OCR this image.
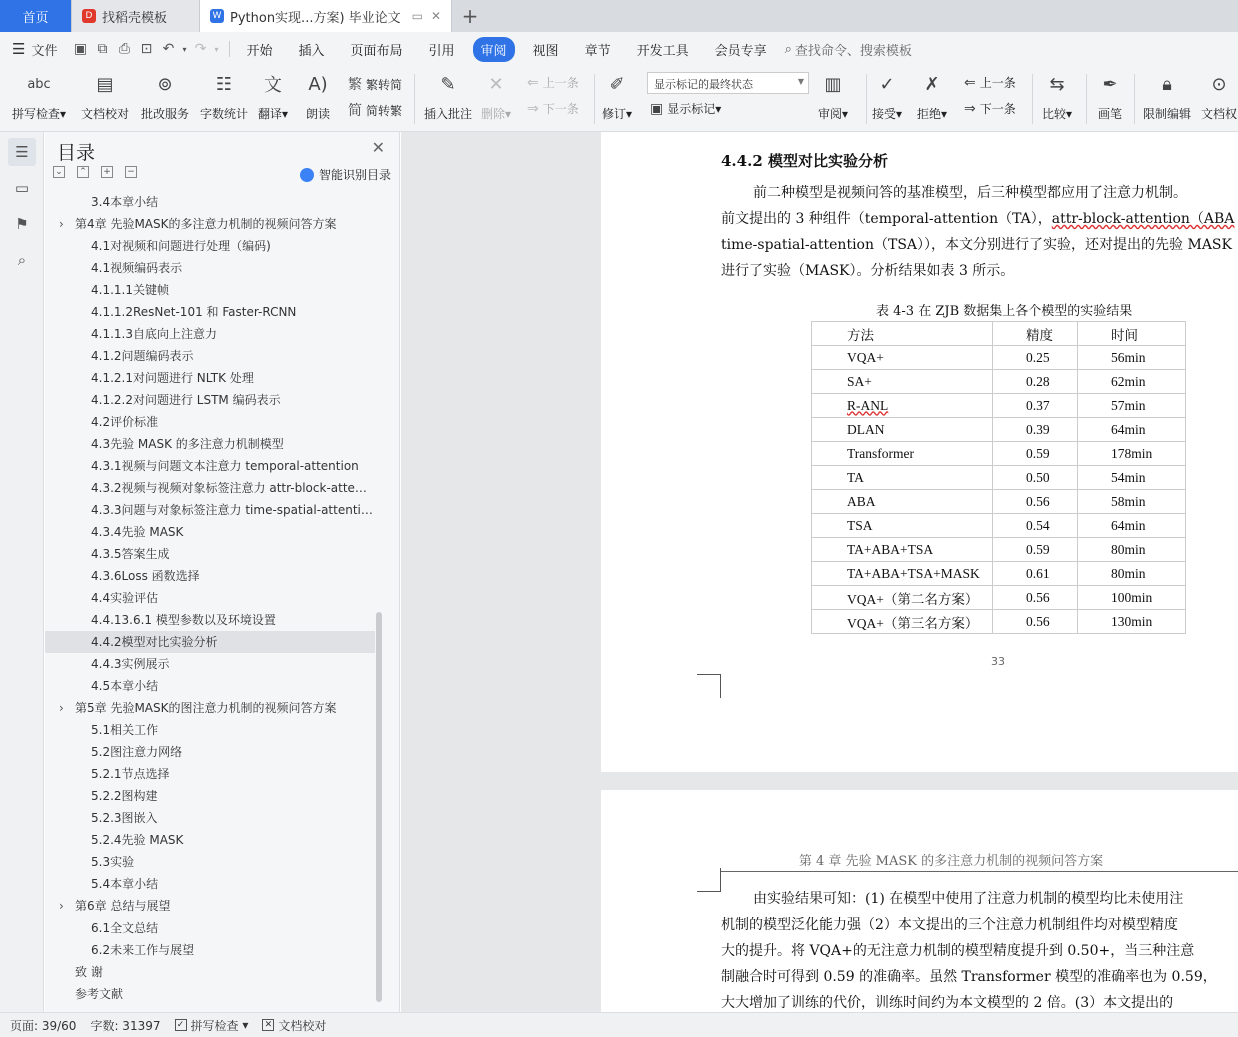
首页	D 找稻壳模板	W Python实现...方案) 毕业论文 ▭ ✕	+
☰ 文件	▣ ⧉ ⎙ ⊡ ↶	▾ ↷	▾	开始	插入	页面布局	引用	审阅	视图	章节	开发工具	会员专享	⌕ 查找命令、搜索模板
abc
拼写检查▾
▤
文档校对
⊚
批改服务
☷
字数统计
文
翻译▾
A)
朗读
繁 繁转简
简 简转繁
✎
插入批注
✕
删除▾
⇐ 上一条
⇒ 下一条
✐
修订▾ ▣ 显示标记 ▾
▥
审阅▾
✓
接受▾
✗
拒绝▾
⇐ 上一条
⇒ 下一条
⇆
比较▾
✒
画笔
🔒︎
限制编辑
⊙
文档权
显示标记的最终状态	▼
☰
▭
⚑
⌕
目录	✕
⌄ ⌃ + −	智能识别目录
3.4本章小结
› 第4章 先验MASK的多注意力机制的视频问答方案
4.1对视频和问题进行处理（编码)
4.1视频编码表示
4.1.1.1关键帧
4.1.1.2ResNet-101 和 Faster-RCNN
4.1.1.3自底向上注意力
4.1.2问题编码表示
4.1.2.1对问题进行 NLTK 处理
4.1.2.2对问题进行 LSTM 编码表示
4.2评价标准
4.3先验 MASK 的多注意力机制模型
4.3.1视频与问题文本注意力 temporal-attention
4.3.2视频与视频对象标签注意力 attr-block-atte…
4.3.3问题与对象标签注意力 time-spatial-attenti…
4.3.4先验 MASK
4.3.5答案生成
4.3.6Loss 函数选择
4.4实验评估
4.4.13.6.1 模型参数以及环境设置
4.4.2模型对比实验分析
4.4.3实例展示
4.5本章小结
› 第5章 先验MASK的图注意力机制的视频问答方案
5.1相关工作
5.2图注意力网络
5.2.1节点选择
5.2.2图构建
5.2.3图嵌入
5.2.4先验 MASK
5.3实验
5.4本章小结
› 第6章 总结与展望
6.1全文总结
6.2未来工作与展望
致 谢
参考文献
4.4.2 模型对比实验分析
前二种模型是视频问答的基准模型，后三种模型都应用了注意力机制。
前文提出的 3 种组件（temporal-attention（TA），attr-block-attention（ABA
time-spatial-attention（TSA）），本文分别进行了实验，还对提出的先验 MASK
进行了实验（MASK）。分析结果如表 3 所示。
表 4-3 在 ZJB 数据集上各个模型的实验结果
方法	精度	时间
VQA+	0.25	56min
SA+	0.28	62min
R-ANL	0.37	57min
DLAN	0.39	64min
Transformer	0.59	178min
TA	0.50	54min
ABA	0.56	58min
TSA	0.54	64min
TA+ABA+TSA	0.59	80min
TA+ABA+TSA+MASK	0.61	80min
VQA+（第二名方案）	0.56	100min
VQA+（第三名方案）	0.56	130min
33
第 4 章 先验 MASK 的多注意力机制的视频问答方案
由实验结果可知：(1) 在模型中使用了注意力机制的模型均比未使用注
机制的模型泛化能力强（2）本文提出的三个注意力机制组件均对模型精度
大的提升。将 VQA+的无注意力机制的模型精度提升到 0.50+，当三种注意
制融合时可得到 0.59 的准确率。虽然 Transformer 模型的准确率也为 0.59，
大大增加了训练的代价，训练时间约为本文模型的 2 倍。(3）本文提出的
页面: 39/60 字数: 31397 ✓ 拼写检查 ▾ ✕ 文档校对
